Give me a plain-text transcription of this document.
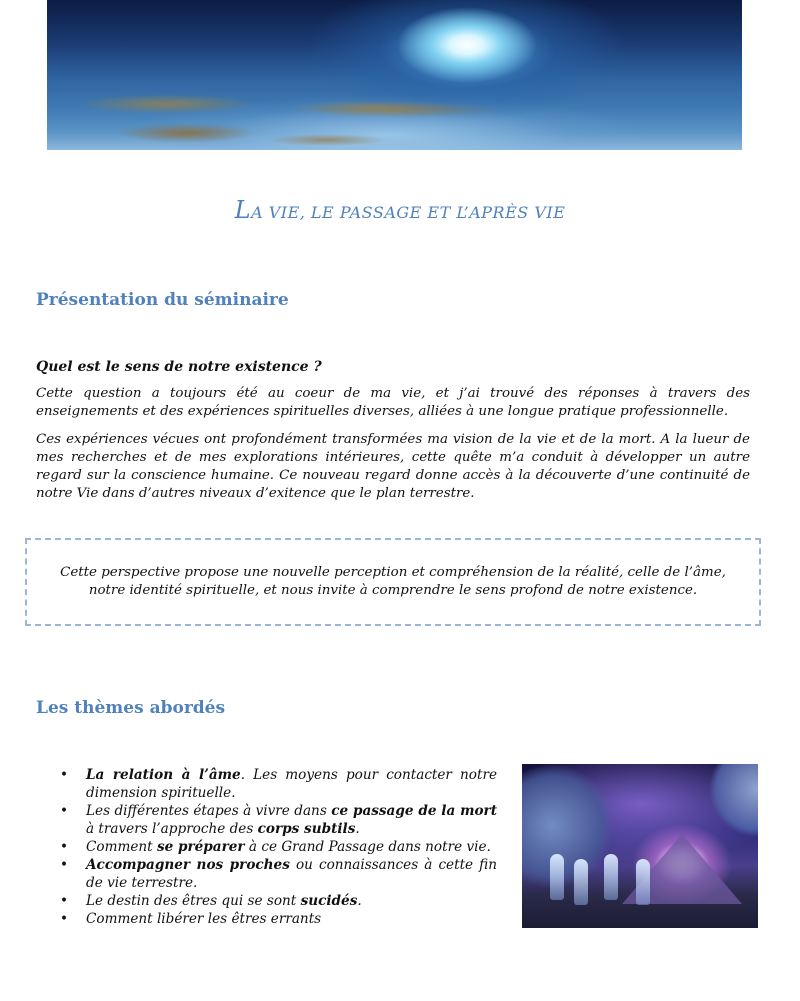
LA VIE, LE PASSAGE ET L’APRÈS VIE
Présentation du séminaire
Quel est le sens de notre existence ?

Cette question a toujours été au coeur de ma vie, et j’ai trouvé des réponses à travers des enseignements et des expériences spirituelles diverses, alliées à une longue pratique professionnelle.

Ces expériences vécues ont profondément transformées ma vision de la vie et de la mort. A la lueur de mes recherches et de mes explorations intérieures, cette quête m’a conduit à développer un autre regard sur la conscience humaine. Ce nouveau regard donne accès à la découverte d’une continuité de notre Vie dans d’autres niveaux d’exitence que le plan terrestre.

Cette perspective propose une nouvelle perception et compréhension de la réalité, celle de l’âme, notre identité spirituelle, et nous invite à comprendre le sens profond de notre existence.
Les thèmes abordés
• La relation à l’âme. Les moyens pour contacter notre dimension spirituelle.
• Les différentes étapes à vivre dans ce passage de la mort à travers l’approche des corps subtils.
• Comment se préparer à ce Grand Passage dans notre vie.
• Accompagner nos proches ou connaissances à cette fin de vie terrestre.
• Le destin des êtres qui se sont sucidés.
• Comment libérer les êtres errants
